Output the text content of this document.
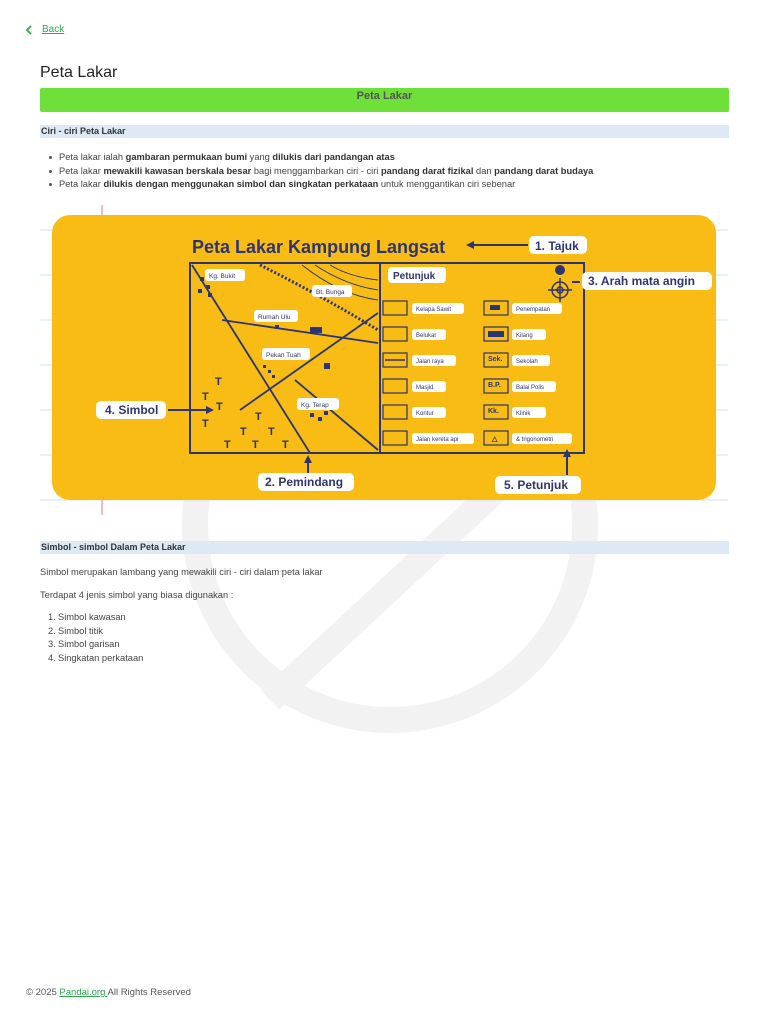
Back
Peta Lakar
Peta Lakar
Ciri - ciri Peta Lakar
Peta lakar ialah gambaran permukaan bumi yang dilukis dari pandangan atas
Peta lakar mewakili kawasan berskala besar bagi menggambarkan ciri - ciri pandang darat fizikal dan pandang darat budaya
Peta lakar dilukis dengan menggunakan simbol dan singkatan perkataan untuk menggantikan ciri sebenar
Peta Lakar Kampung Langsat	1. Tajuk
Kg. Bukit
Bt. Bunga
Rumah Ulu
Pekan Tuah
Kg. Terap
T
T
T
T
T
T
T
T T T
Petunjuk
Kelapa Sawit
Belukar
Jalan raya
Masjid
Kontur
Jalan kereta api
Penempatan
Kilang
Sekolah
Balai Polis
Klinik
& trigonometri
Sek.
B.P.
Kk.
△
3. Arah mata angin
4. Simbol
2. Pemindang	5. Petunjuk
Simbol - simbol Dalam Peta Lakar

Simbol merupakan lambang yang mewakili ciri - ciri dalam peta lakar

Terdapat 4 jenis simbol yang biasa digunakan :

1. Simbol kawasan
2. Simbol titik
3. Simbol garisan
4. Singkatan perkataan
© 2025 Pandai.org All Rights Reserved
